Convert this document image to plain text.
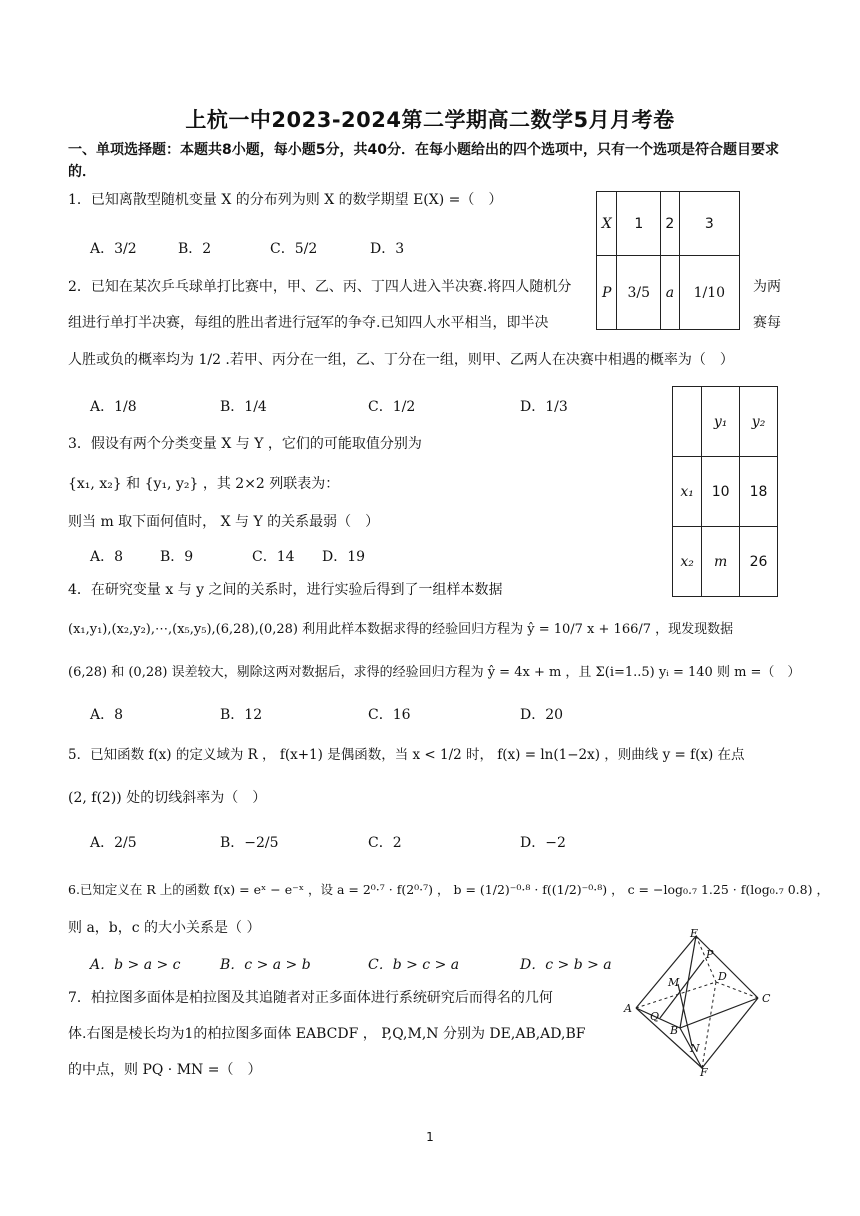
上杭一中2023-2024第二学期高二数学5月月考卷
一、单项选择题：本题共8小题，每小题5分，共40分．在每小题给出的四个选项中，只有一个选项是符合题目要求的．
1．已知离散型随机变量 X 的分布列为则 X 的数学期望 E(X) =（　）
A．3/2	B．2	C．5/2	D．3
X	1	2	3
P	3/5	a	1/10
2．已知在某次乒乓球单打比赛中，甲、乙、丙、丁四人进入半决赛.将四人随机分	为两
组进行单打半决赛，每组的胜出者进行冠军的争夺.已知四人水平相当，即半决	赛每
人胜或负的概率均为 1/2 .若甲、丙分在一组，乙、丁分在一组，则甲、乙两人在决赛中相遇的概率为（　）
A．1/8	B．1/4	C．1/2	D．1/3
3．假设有两个分类变量 X 与 Y ，它们的可能取值分别为
{x₁, x₂} 和 {y₁, y₂} ，其 2×2 列联表为：
则当 m 取下面何值时， X 与 Y 的关系最弱（　）
A．8	B．9	C．14 D．19
	y₁	y₂
x₁	10	18
x₂	m	26
4．在研究变量 x 与 y 之间的关系时，进行实验后得到了一组样本数据
(x₁,y₁),(x₂,y₂),⋯,(x₅,y₅),(6,28),(0,28) 利用此样本数据求得的经验回归方程为 ŷ = 10/7 x + 166/7 ，现发现数据
(6,28) 和 (0,28) 误差较大，剔除这两对数据后，求得的经验回归方程为 ŷ = 4x + m ，且 Σ(i=1..5) yᵢ = 140 则 m =（　）
A．8	B．12	C．16	D．20
5．已知函数 f(x) 的定义域为 R ， f(x+1) 是偶函数，当 x < 1/2 时， f(x) = ln(1−2x) ，则曲线 y = f(x) 在点
(2, f(2)) 处的切线斜率为（　）
A．2/5	B．−2/5	C．2	D．−2
6.已知定义在 R 上的函数 f(x) = eˣ − e⁻ˣ ，设 a = 2⁰·⁷ · f(2⁰·⁷) ， b = (1/2)⁻⁰·⁸ · f((1/2)⁻⁰·⁸) ， c = −log₀.₇ 1.25 · f(log₀.₇ 0.8) ，
则 a，b，c 的大小关系是（ ）
A．b > a > c	B．c > a > b	C．b > c > a	D．c > b > a
7．柏拉图多面体是柏拉图及其追随者对正多面体进行系统研究后而得名的几何
体.右图是棱长均为1的柏拉图多面体 EABCDF ， P,Q,M,N 分别为 DE,AB,AD,BF
的中点，则 PQ · MN =（　）
E
P
M	D
A
Q
C
B
N
F
1
